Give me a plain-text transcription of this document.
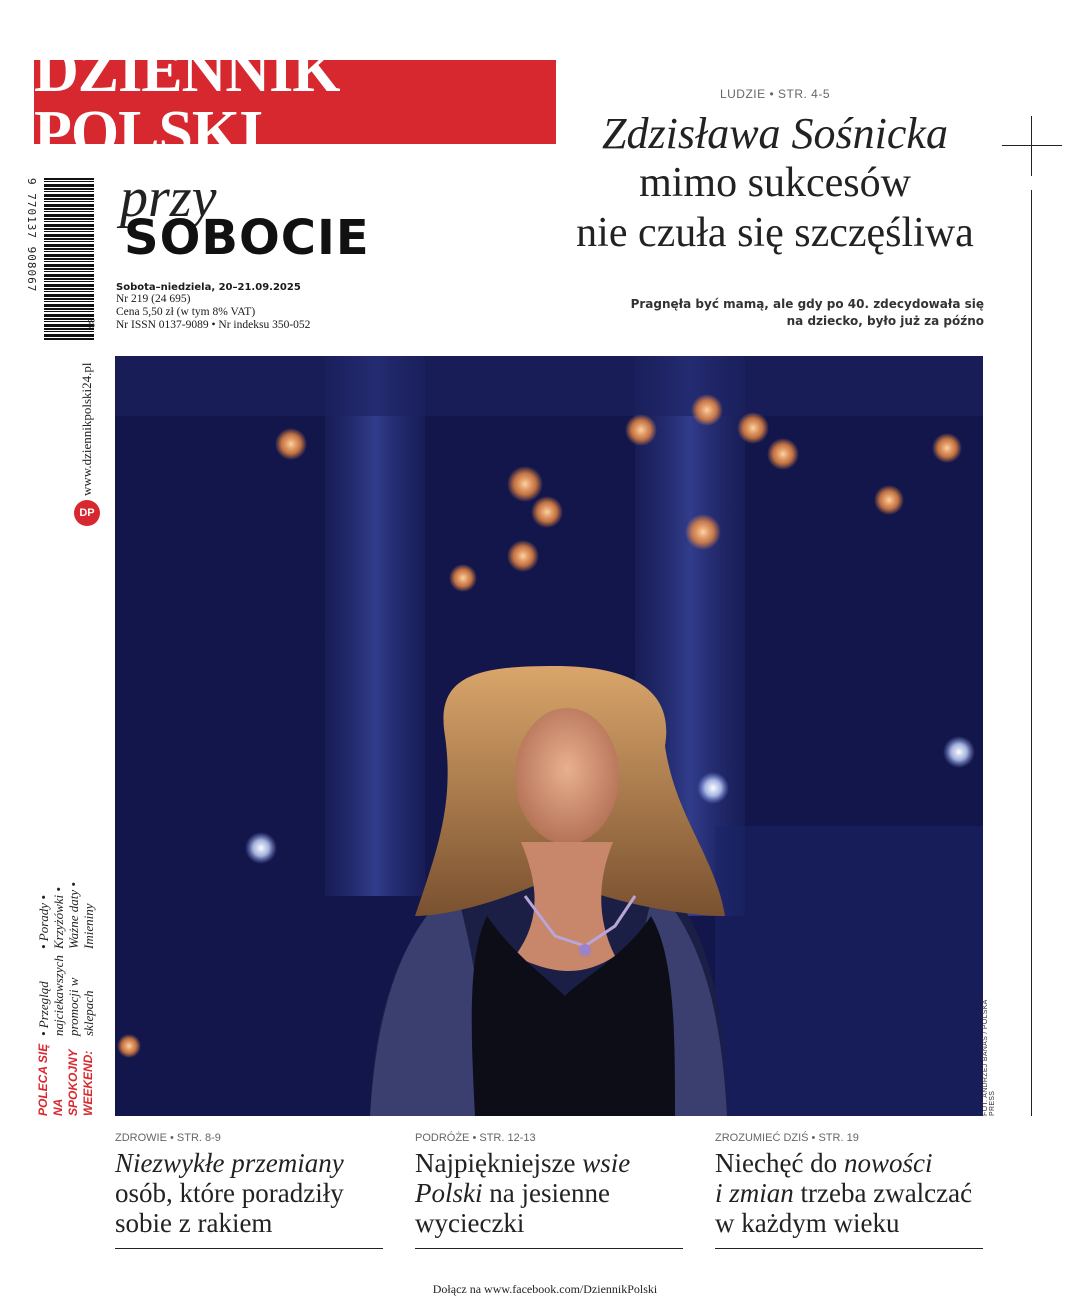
DZIENNIK POLSKI
9 770137 908067
38
przy
SOBOCIE
Sobota–niedziela, 20–21.09.2025
Nr 219 (24 695)
Cena 5,50 zł (w tym 8% VAT)
Nr ISSN 0137-9089 • Nr indeksu 350-052
LUDZIE • STR. 4-5
Zdzisława Sośnicka
mimo sukcesów
nie czuła się szczęśliwa
Pragnęła być mamą, ale gdy po 40. zdecydowała się
na dziecko, było już za późno
www.dziennikpolski24.pl
DP
POLECA SIĘ NA SPOKOJNY WEEKEND:
• Przegląd najciekawszych promocji w sklepach
• Porady • Krzyżówki • Ważne daty • Imieniny
FOT. ANDRZEJ BANAŚ / POLSKA PRESS
ZDROWIE • STR. 8-9
Niezwykłe przemiany osób, które poradziły
sobie z rakiem
PODRÓŻE • STR. 12-13
Najpiękniejsze wsie
Polski na jesienne wycieczki
ZROZUMIEĆ DZIŚ • STR. 19
Niechęć do nowości
i zmian trzeba zwalczać w każdym wieku
Dołącz na www.facebook.com/DziennikPolski
